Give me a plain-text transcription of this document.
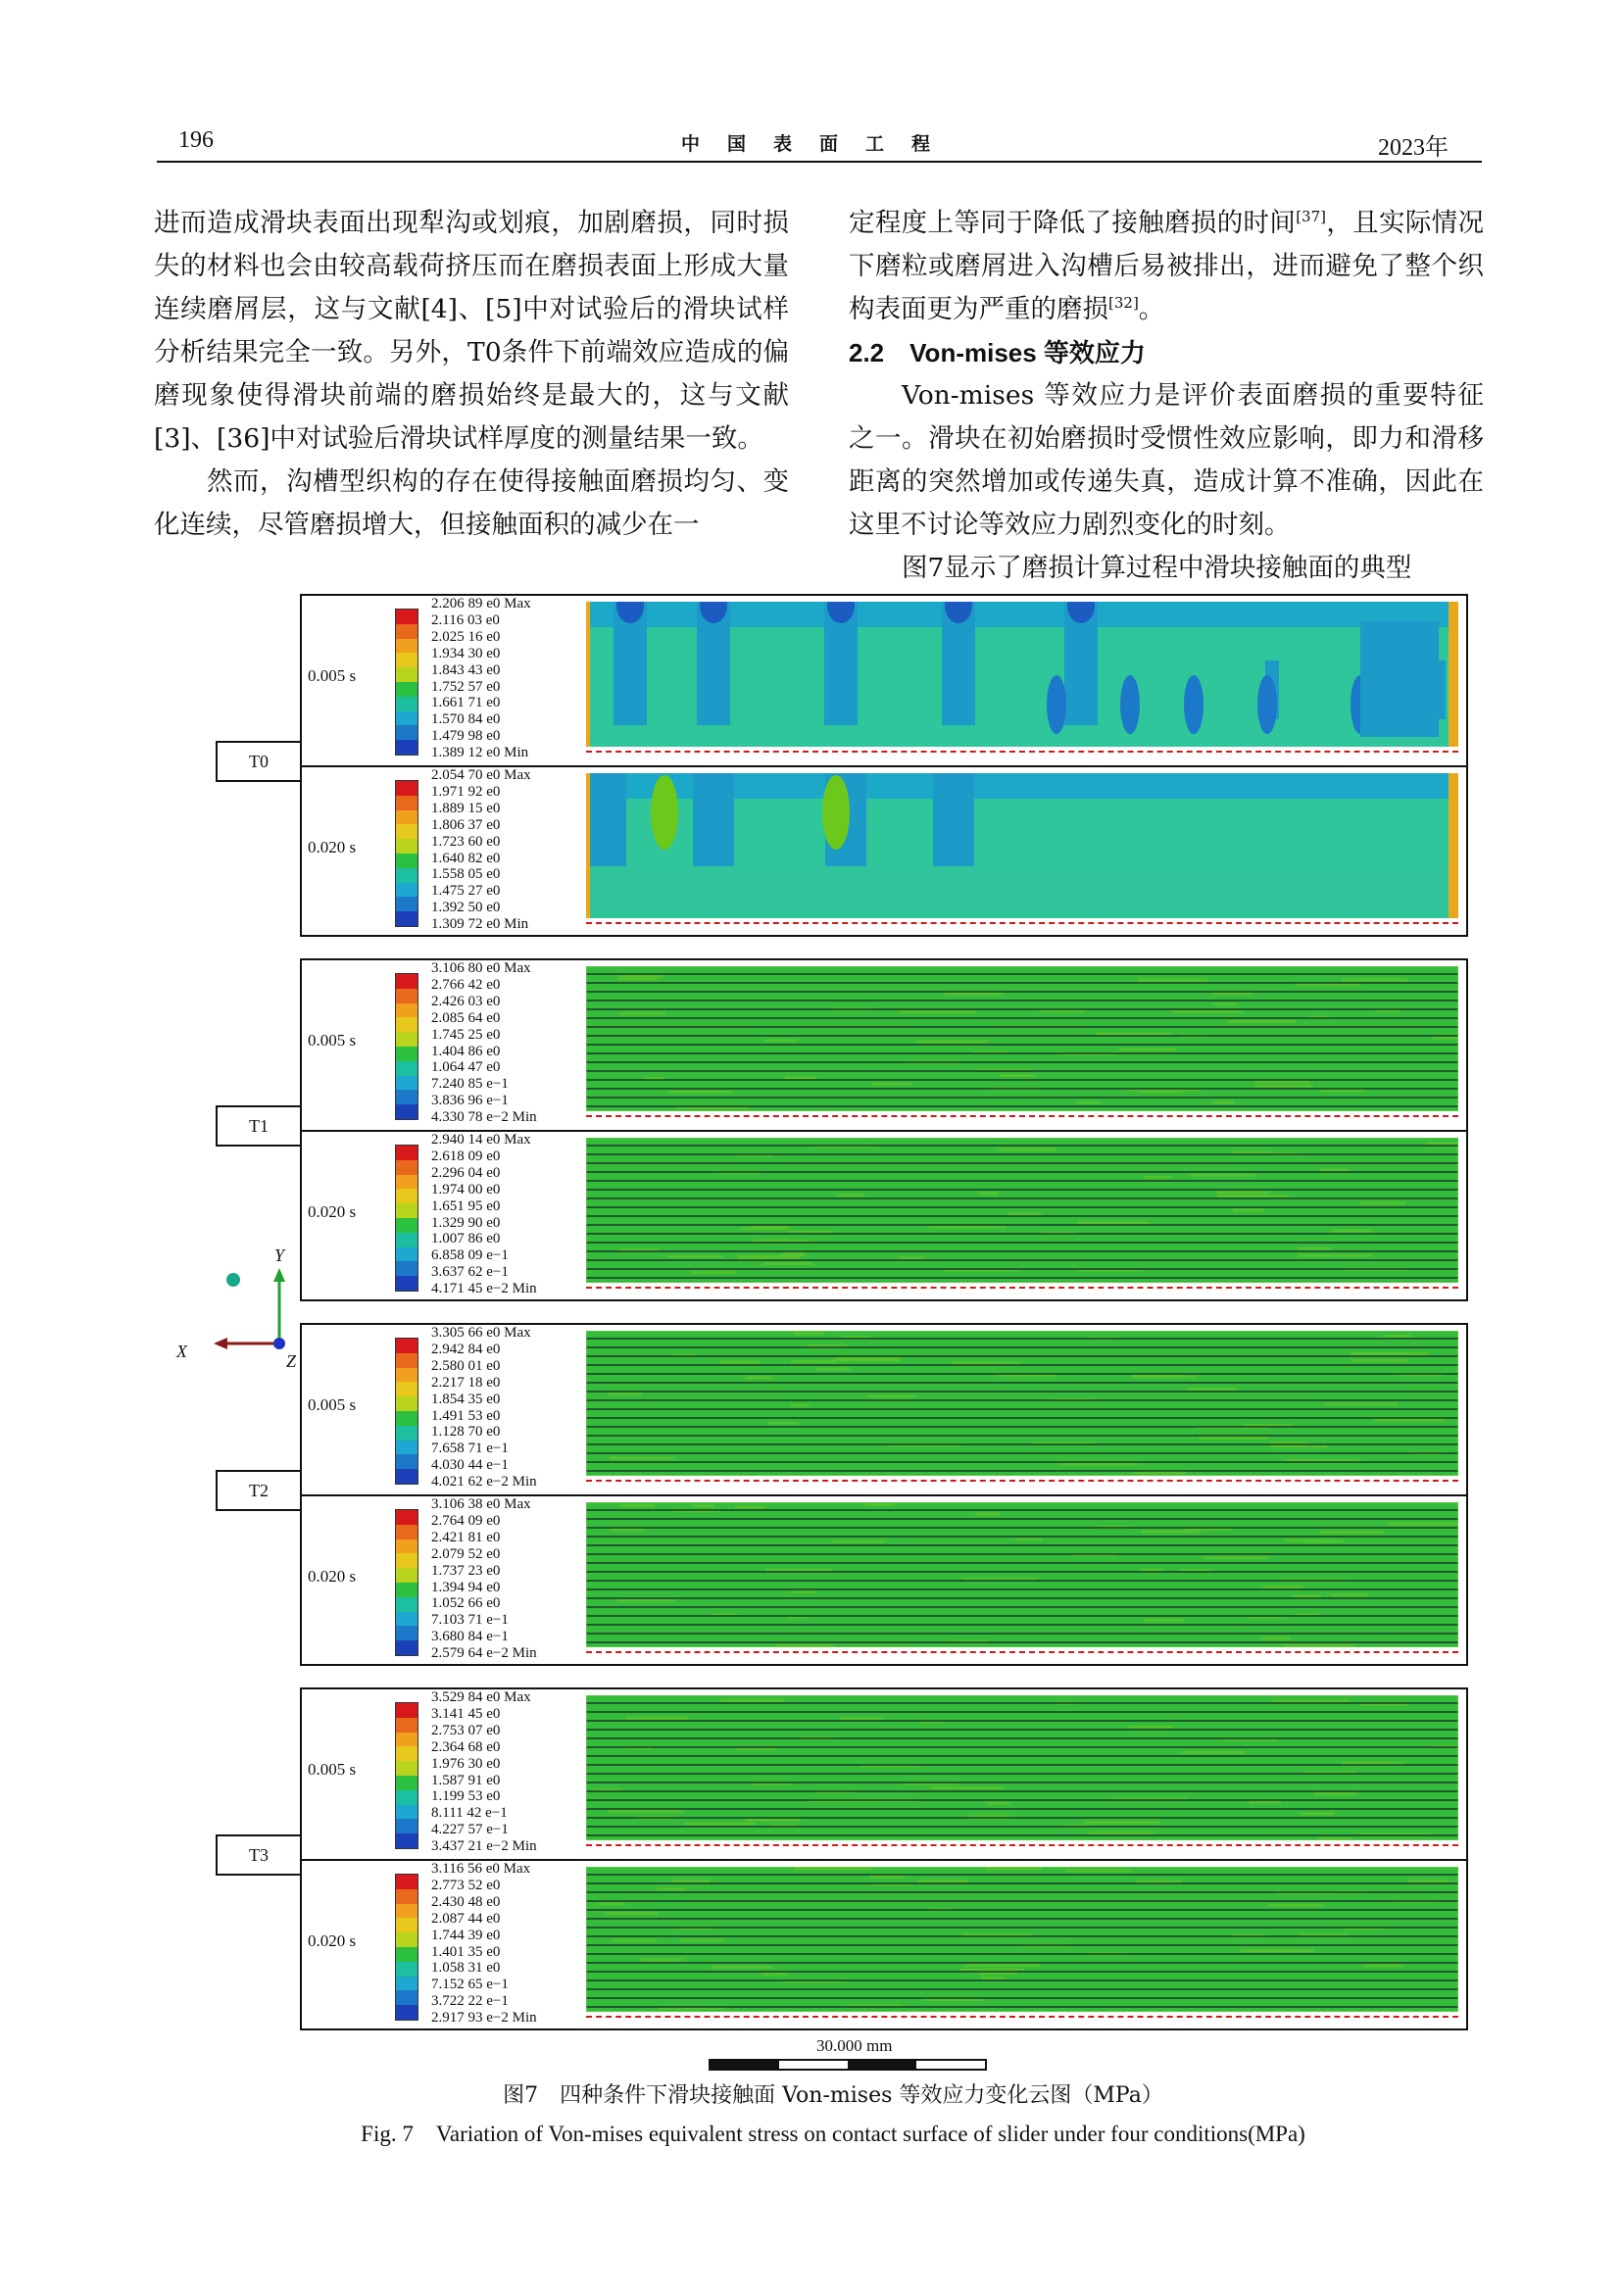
196	中国表面工程	2023年

进而造成滑块表面出现犁沟或划痕，加剧磨损，同时损失的材料也会由较高载荷挤压而在磨损表面上形成大量连续磨屑层，这与文献[4]、[5]中对试验后的滑块试样分析结果完全一致。另外，T0条件下前端效应造成的偏磨现象使得滑块前端的磨损始终是最大的，这与文献[3]、[36]中对试验后滑块试样厚度的测量结果一致。

然而，沟槽型织构的存在使得接触面磨损均匀、变化连续，尽管磨损增大，但接触面积的减少在一

定程度上等同于降低了接触磨损的时间[37]，且实际情况下磨粒或磨屑进入沟槽后易被排出，进而避免了整个织构表面更为严重的磨损[32]。

2.2　Von-mises 等效应力

Von-mises 等效应力是评价表面磨损的重要特征之一。滑块在初始磨损时受惯性效应影响，即力和滑移距离的突然增加或传递失真，造成计算不准确，因此在这里不讨论等效应力剧烈变化的时刻。

图7显示了磨损计算过程中滑块接触面的典型

Y
X	Z
30.000 mm
图7　四种条件下滑块接触面 Von-mises 等效应力变化云图（MPa）
Fig. 7　Variation of Von-mises equivalent stress on contact surface of slider under four conditions(MPa)
0.005 s
2.206 89 e0 Max
2.116 03 e0
2.025 16 e0
1.934 30 e0
1.843 43 e0
1.752 57 e0
1.661 71 e0
1.570 84 e0
1.479 98 e0
1.389 12 e0 Min
0.020 s
2.054 70 e0 Max
1.971 92 e0
1.889 15 e0
1.806 37 e0
1.723 60 e0
1.640 82 e0
1.558 05 e0
1.475 27 e0
1.392 50 e0
1.309 72 e0 Min
T0
0.005 s
3.106 80 e0 Max
2.766 42 e0
2.426 03 e0
2.085 64 e0
1.745 25 e0
1.404 86 e0
1.064 47 e0
7.240 85 e−1
3.836 96 e−1
4.330 78 e−2 Min
0.020 s
2.940 14 e0 Max
2.618 09 e0
2.296 04 e0
1.974 00 e0
1.651 95 e0
1.329 90 e0
1.007 86 e0
6.858 09 e−1
3.637 62 e−1
4.171 45 e−2 Min
T1
0.005 s
3.305 66 e0 Max
2.942 84 e0
2.580 01 e0
2.217 18 e0
1.854 35 e0
1.491 53 e0
1.128 70 e0
7.658 71 e−1
4.030 44 e−1
4.021 62 e−2 Min
0.020 s
3.106 38 e0 Max
2.764 09 e0
2.421 81 e0
2.079 52 e0
1.737 23 e0
1.394 94 e0
1.052 66 e0
7.103 71 e−1
3.680 84 e−1
2.579 64 e−2 Min
T2
0.005 s
3.529 84 e0 Max
3.141 45 e0
2.753 07 e0
2.364 68 e0
1.976 30 e0
1.587 91 e0
1.199 53 e0
8.111 42 e−1
4.227 57 e−1
3.437 21 e−2 Min
0.020 s
3.116 56 e0 Max
2.773 52 e0
2.430 48 e0
2.087 44 e0
1.744 39 e0
1.401 35 e0
1.058 31 e0
7.152 65 e−1
3.722 22 e−1
2.917 93 e−2 Min
T3
